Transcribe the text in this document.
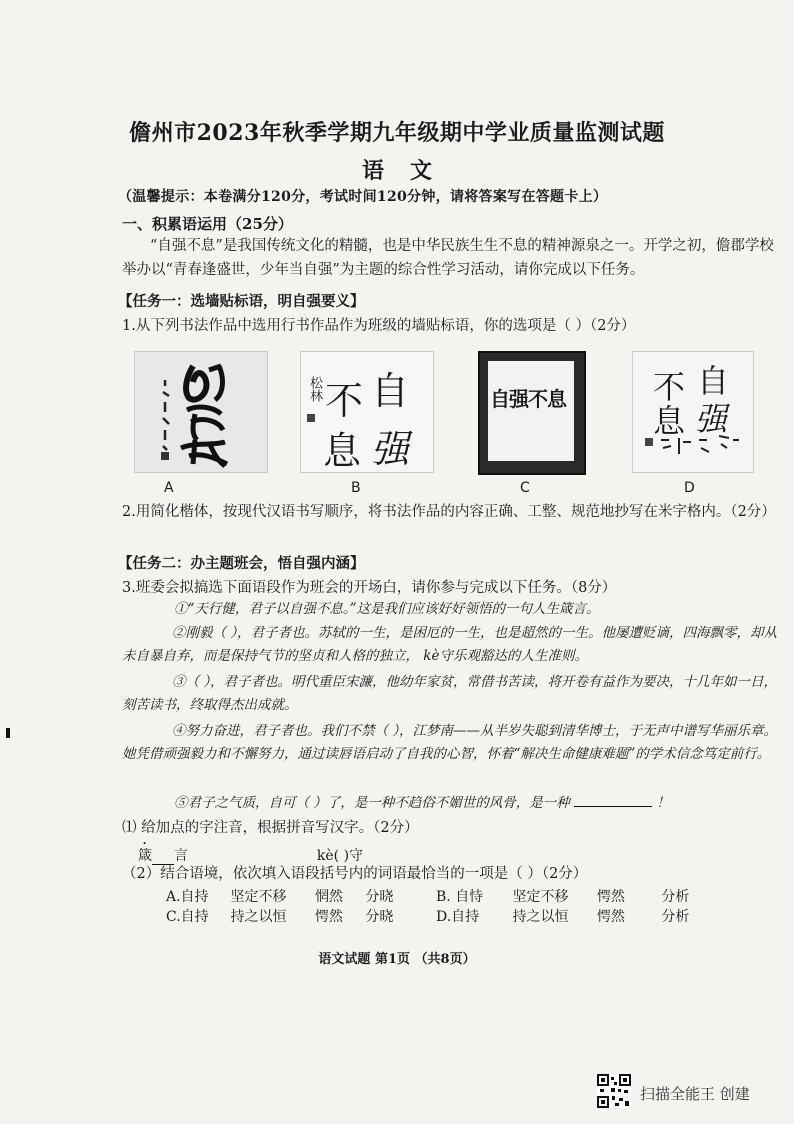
儋州市2023年秋季学期九年级期中学业质量监测试题
语文
（温馨提示：本卷满分120分，考试时间120分钟，请将答案写在答题卡上）
一、积累语运用（25分）
“自强不息”是我国传统文化的精髓，也是中华民族生生不息的精神源泉之一。开学之初，儋郡学校举办以“青春逢盛世，少年当自强”为主题的综合性学习活动，请你完成以下任务。
【任务一：选墙贴标语，明自强要义】
1.从下列书法作品中选用行书作品作为班级的墙贴标语，你的选项是（ ）（2分）
自
不
强
息
松林	自强不息	自
不
强
息
A	B	C	D
2.用简化楷体，按现代汉语书写顺序，将书法作品的内容正确、工整、规范地抄写在米字格内。（2分）
【任务二：办主题班会，悟自强内涵】
3.班委会拟搞选下面语段作为班会的开场白，请你参与完成以下任务。（8分）
①“天行健，君子以自强不息。”这是我们应该好好领悟的一句人生箴言。
②刚毅（ ），君子者也。苏轼的一生，是困厄的一生，也是超然的一生。他屡遭贬谪，四海飘零，却从未自暴自弃，而是保持气节的坚贞和人格的独立， kè守乐观豁达的人生准则。
③（ ），君子者也。明代重臣宋濂，他幼年家贫，常借书苦读，将开卷有益作为要决，十几年如一日，刻苦读书，终取得杰出成就。
④努力奋进，君子者也。我们不禁（ ），江梦南——从半岁失聪到清华博士，于无声中谱写华丽乐章。她凭借顽强毅力和不懈努力，通过读唇语启动了自我的心智，怀着“解决生命健康难题”的学术信念笃定前行。
⑤君子之气质，自可（ ）了，是一种不趋俗不媚世的风骨，是一种	！
⑴ 给加点的字注音，根据拼音写汉字。（2分）
箴 言	kè( )守
（2）结合语境，依次填入语段括号内的词语最恰当的一项是（ ）（2分）
A.自持 坚定不移 惘然 分晓	B. 自恃 坚定不移 愕然	分析
C.自持 持之以恒 愕然 分晓	D.自持 持之以恒 愕然	分析
语文试题 第1页 （共8页）
扫描全能王 创建
